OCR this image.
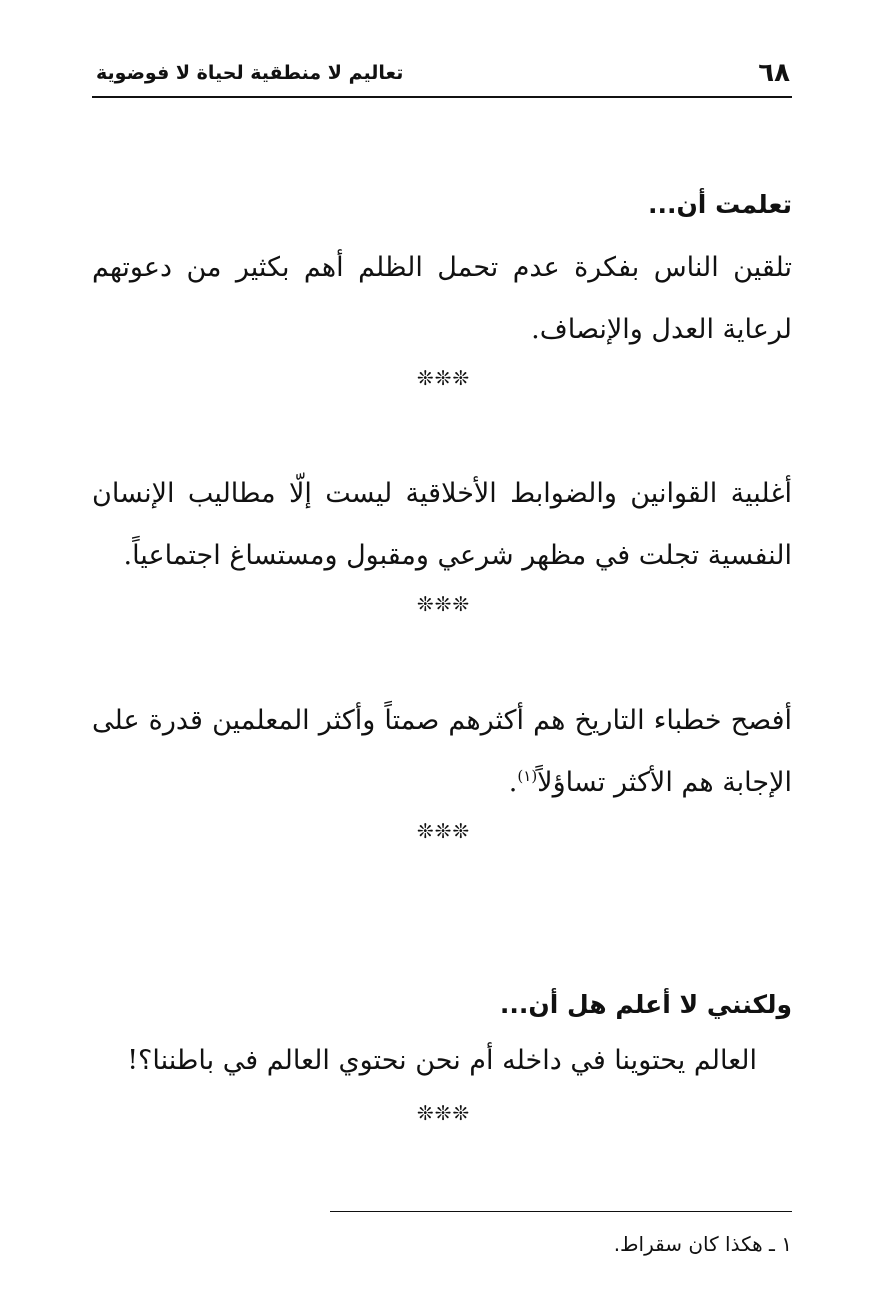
٦٨
تعاليم لا منطقية لحياة لا فوضوية
تعلمت أن...
تلقين الناس بفكرة عدم تحمل الظلم أهم بكثير من دعوتهم لرعاية العدل والإنصاف.
❊❊❊
أغلبية القوانين والضوابط الأخلاقية ليست إلّا مطاليب الإنسان النفسية تجلت في مظهر شرعي ومقبول ومستساغ اجتماعياً.
❊❊❊
أفصح خطباء التاريخ هم أكثرهم صمتاً وأكثر المعلمين قدرة على الإجابة هم الأكثر تساؤلاً$^{(١)}$.
❊❊❊
ولكنني لا أعلم هل أن...
العالم يحتوينا في داخله أم نحن نحتوي العالم في باطننا؟!
❊❊❊
١ ـ هكذا كان سقراط.
